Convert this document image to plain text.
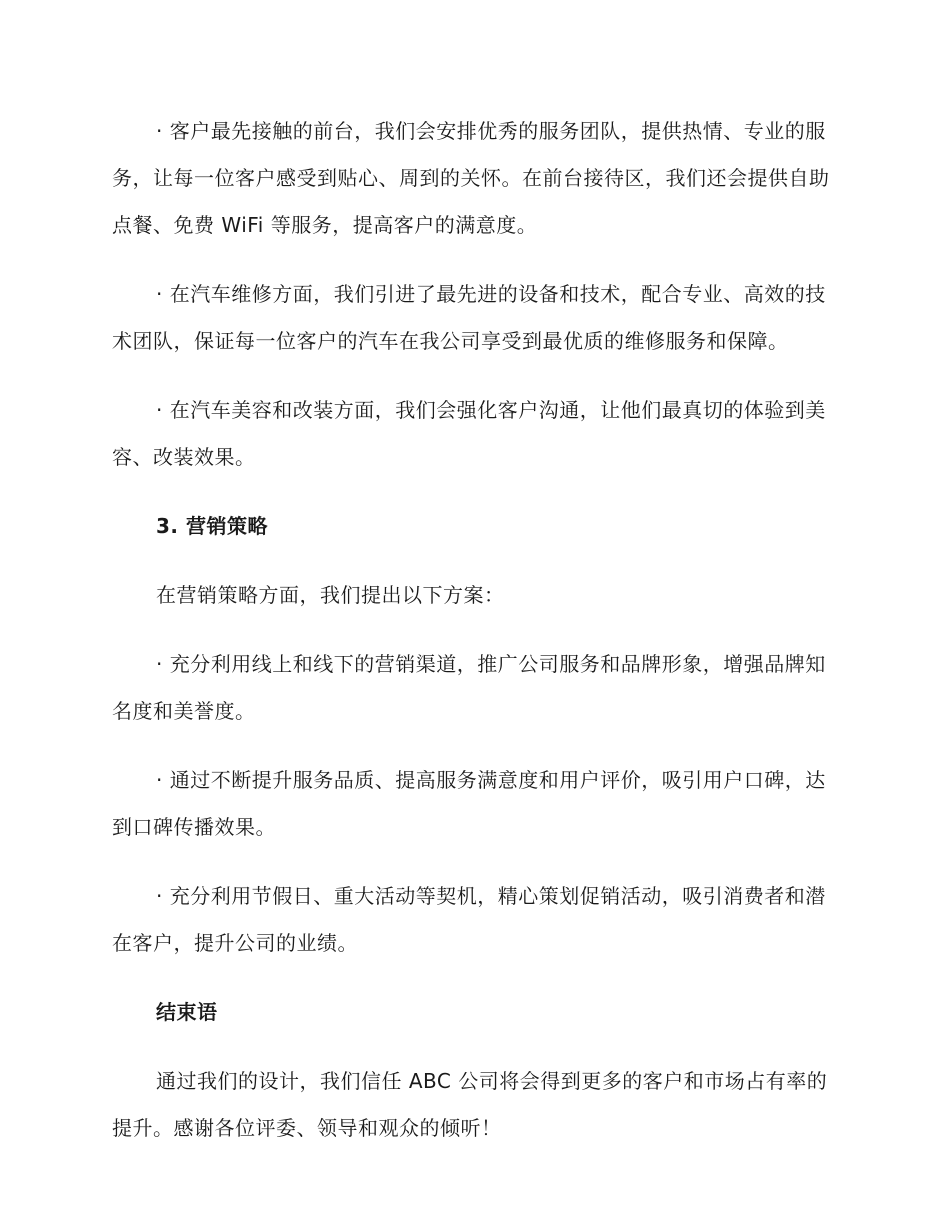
· 客户最先接触的前台，我们会安排优秀的服务团队，提供热情、专业的服务，让每一位客户感受到贴心、周到的关怀。在前台接待区，我们还会提供自助点餐、免费 WiFi 等服务，提高客户的满意度。

· 在汽车维修方面，我们引进了最先进的设备和技术，配合专业、高效的技术团队，保证每一位客户的汽车在我公司享受到最优质的维修服务和保障。

· 在汽车美容和改装方面，我们会强化客户沟通，让他们最真切的体验到美容、改装效果。

3. 营销策略

在营销策略方面，我们提出以下方案：

· 充分利用线上和线下的营销渠道，推广公司服务和品牌形象，增强品牌知名度和美誉度。

· 通过不断提升服务品质、提高服务满意度和用户评价，吸引用户口碑，达到口碑传播效果。

· 充分利用节假日、重大活动等契机，精心策划促销活动，吸引消费者和潜在客户，提升公司的业绩。

结束语

通过我们的设计，我们信任 ABC 公司将会得到更多的客户和市场占有率的提升。感谢各位评委、领导和观众的倾听！
